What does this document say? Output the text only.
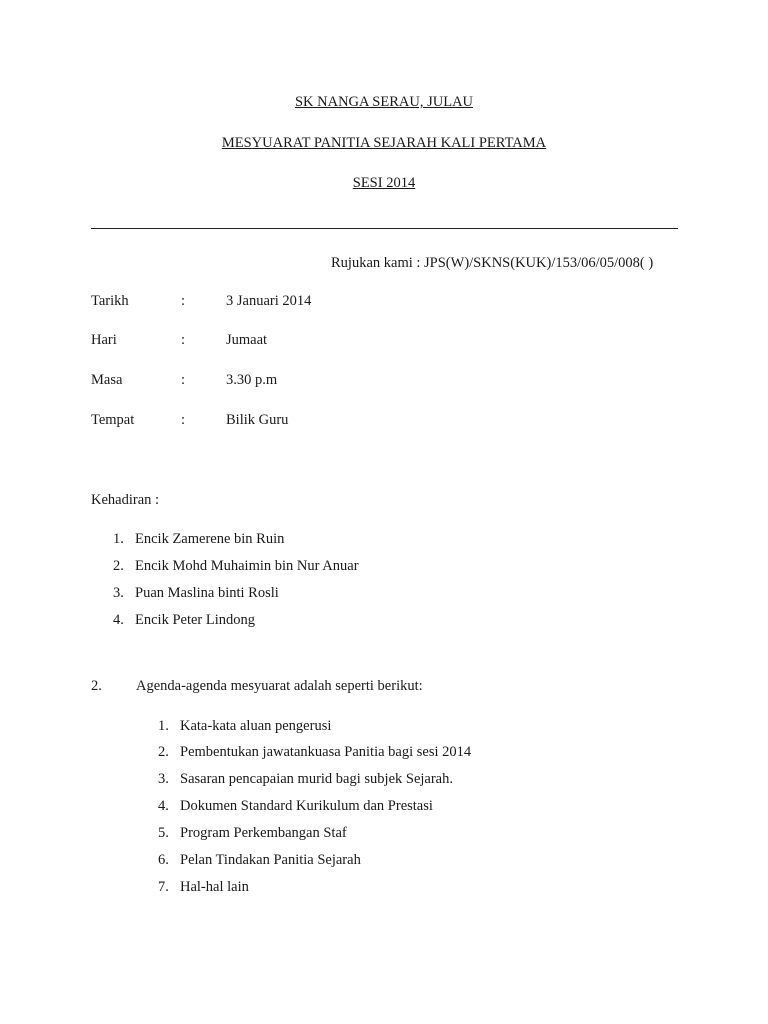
SK NANGA SERAU, JULAU
MESYUARAT PANITIA SEJARAH KALI PERTAMA
SESI 2014
Rujukan kami : JPS(W)/SKNS(KUK)/153/06/05/008( )
Tarikh	:	3 Januari 2014
Hari	:	Jumaat
Masa	:	3.30 p.m
Tempat	:	Bilik Guru
Kehadiran :
1. Encik Zamerene bin Ruin
2. Encik Mohd Muhaimin bin Nur Anuar
3. Puan Maslina binti Rosli
4. Encik Peter Lindong
2. Agenda-agenda mesyuarat adalah seperti berikut:
1. Kata-kata aluan pengerusi
2. Pembentukan jawatankuasa Panitia bagi sesi 2014
3. Sasaran pencapaian murid bagi subjek Sejarah.
4. Dokumen Standard Kurikulum dan Prestasi
5. Program Perkembangan Staf
6. Pelan Tindakan Panitia Sejarah
7. Hal-hal lain
